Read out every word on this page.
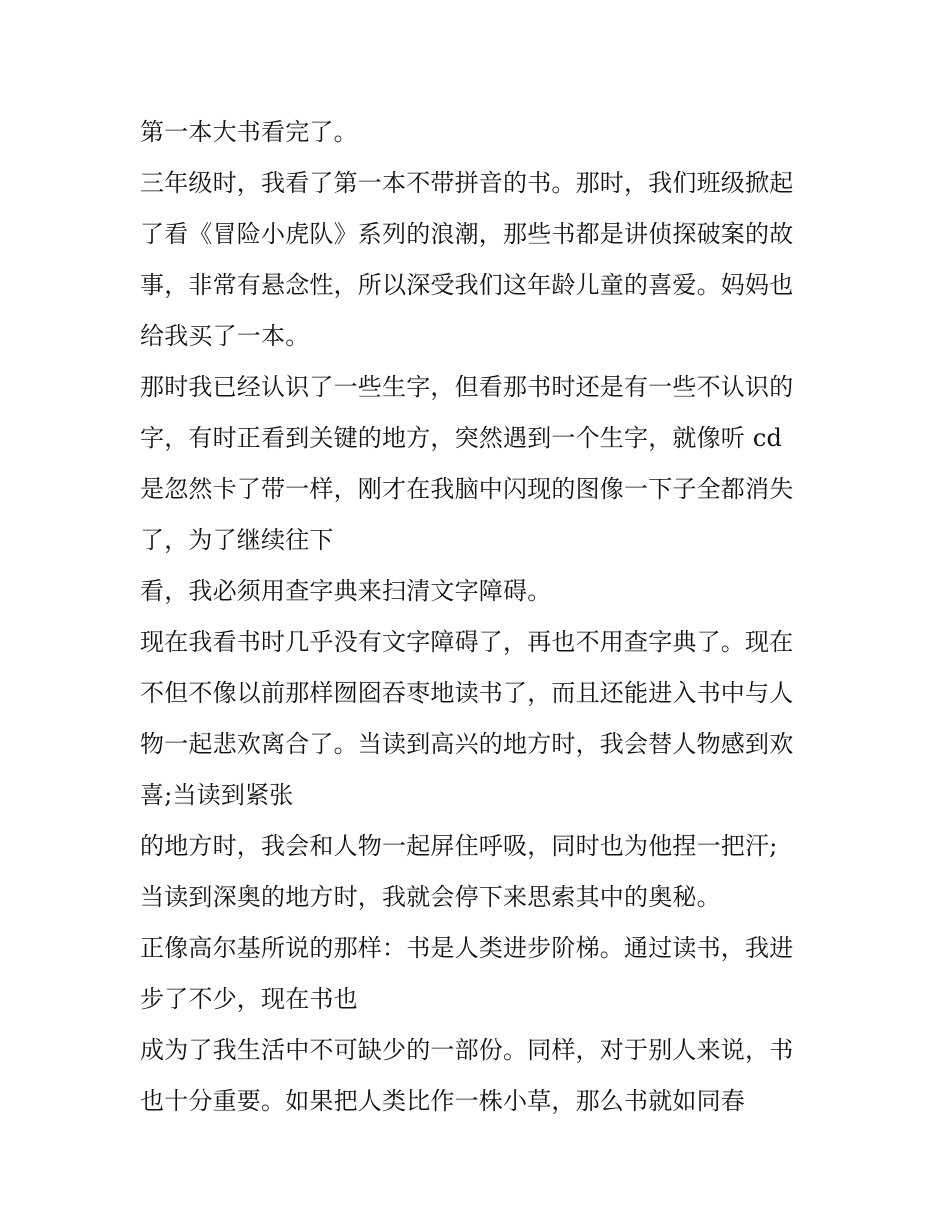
第一本大书看完了。
三年级时，我看了第一本不带拼音的书。那时，我们班级掀起
了看《冒险小虎队》系列的浪潮，那些书都是讲侦探破案的故
事，非常有悬念性，所以深受我们这年龄儿童的喜爱。妈妈也
给我买了一本。
那时我已经认识了一些生字，但看那书时还是有一些不认识的
字，有时正看到关键的地方，突然遇到一个生字，就像听 cd
是忽然卡了带一样，刚才在我脑中闪现的图像一下子全都消失
了，为了继续往下
看，我必须用查字典来扫清文字障碍。
现在我看书时几乎没有文字障碍了，再也不用查字典了。现在
不但不像以前那样囫囵吞枣地读书了，而且还能进入书中与人
物一起悲欢离合了。当读到高兴的地方时，我会替人物感到欢
喜;当读到紧张
的地方时，我会和人物一起屏住呼吸，同时也为他捏一把汗;
当读到深奥的地方时，我就会停下来思索其中的奥秘。
正像高尔基所说的那样：书是人类进步阶梯。通过读书，我进
步了不少，现在书也
成为了我生活中不可缺少的一部份。同样，对于别人来说，书
也十分重要。如果把人类比作一株小草，那么书就如同春
